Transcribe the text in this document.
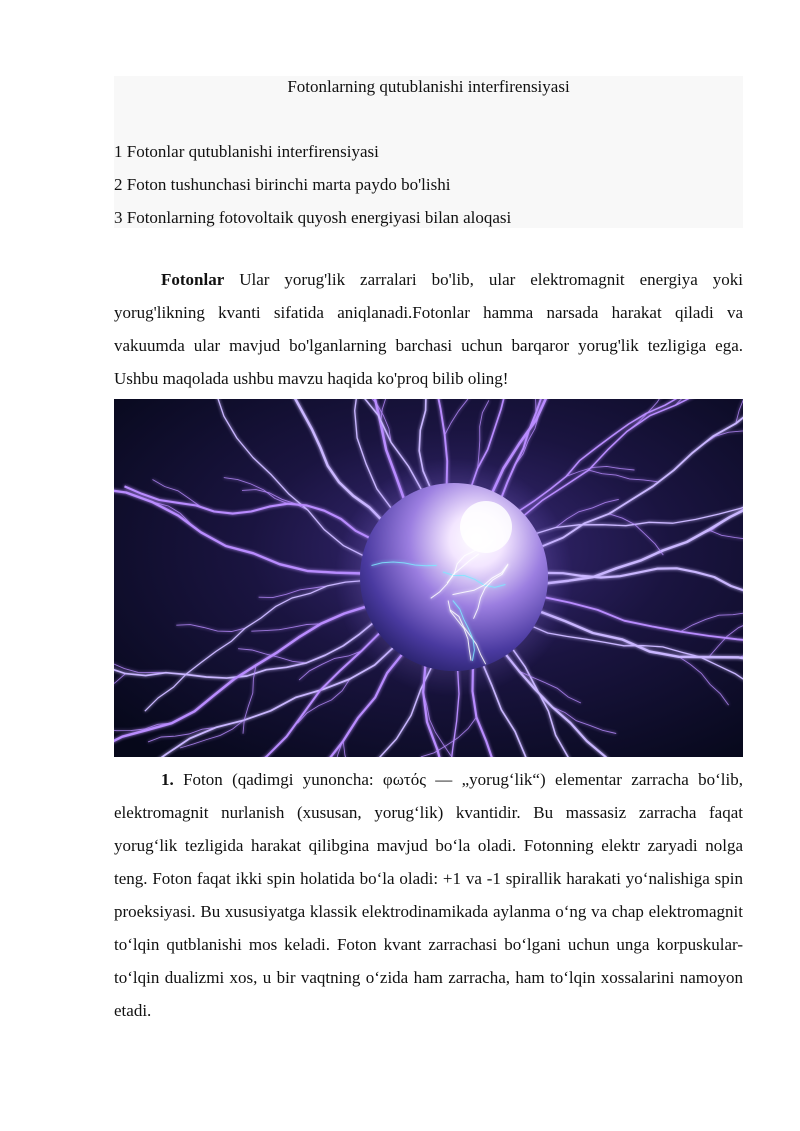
Fotonlarning qutublanishi interfirensiyasi
1 Fotonlar qutublanishi interfirensiyasi
2 Foton tushunchasi birinchi marta paydo bo'lishi
3 Fotonlarning fotovoltaik quyosh energiyasi bilan aloqasi

Fotonlar Ular yorug'lik zarralari bo'lib, ular elektromagnit energiya yoki yorug'likning kvanti sifatida aniqlanadi.Fotonlar hamma narsada harakat qiladi va vakuumda ular mavjud bo'lganlarning barchasi uchun barqaror yorug'lik tezligiga ega. Ushbu maqolada ushbu mavzu haqida ko'proq bilib oling!

1. Foton (qadimgi yunoncha: φωτός — „yorug‘lik“) elementar zarracha bo‘lib, elektromagnit nurlanish (xususan, yorug‘lik) kvantidir. Bu massasiz zarracha faqat yorug‘lik tezligida harakat qilibgina mavjud bo‘la oladi. Fotonning elektr zaryadi nolga teng. Foton faqat ikki spin holatida bo‘la oladi: +1 va -1 spirallik harakati yo‘nalishiga spin proeksiyasi. Bu xususiyatga klassik elektrodinamikada aylanma o‘ng va chap elektromagnit to‘lqin qutblanishi mos keladi. Foton kvant zarrachasi bo‘lgani uchun unga korpuskular-to‘lqin dualizmi xos, u bir vaqtning o‘zida ham zarracha, ham to‘lqin xossalarini namoyon etadi.
